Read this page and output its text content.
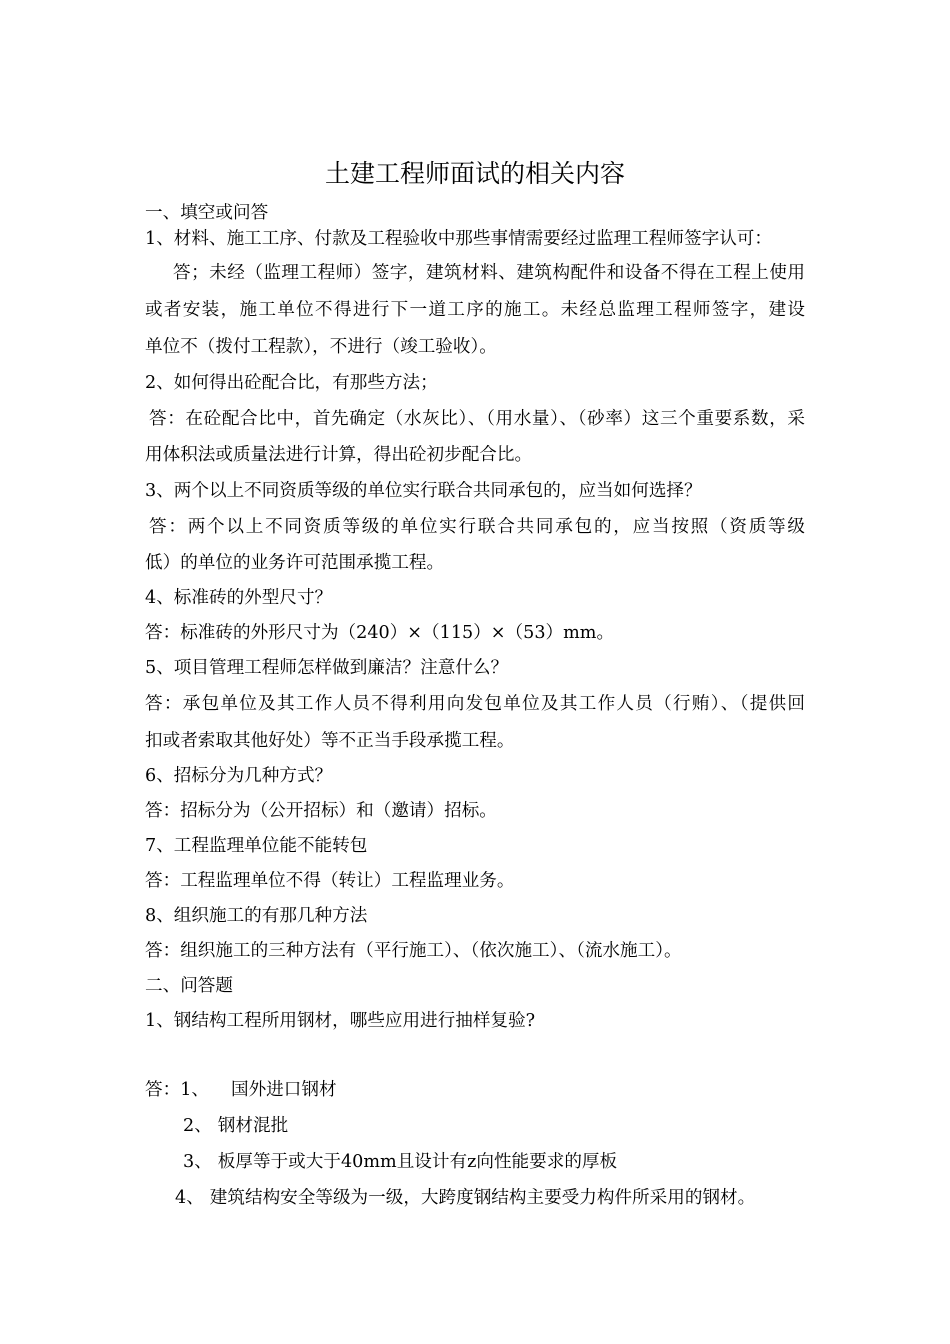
土建工程师面试的相关内容
一、填空或问答
1、材料、施工工序、付款及工程验收中那些事情需要经过监理工程师签字认可：
答；未经（监理工程师）签字，建筑材料、建筑构配件和设备不得在工程上使用
或者安装，施工单位不得进行下一道工序的施工。未经总监理工程师签字，建设
单位不（拨付工程款），不进行（竣工验收）。
2、如何得出砼配合比，有那些方法；
答：在砼配合比中，首先确定（水灰比）、（用水量）、（砂率）这三个重要系数，采
用体积法或质量法进行计算，得出砼初步配合比。
3、两个以上不同资质等级的单位实行联合共同承包的，应当如何选择？
答：两个以上不同资质等级的单位实行联合共同承包的，应当按照（资质等级
低）的单位的业务许可范围承揽工程。
4、标准砖的外型尺寸？
答：标准砖的外形尺寸为（240）×（115）×（53）mm。
5、项目管理工程师怎样做到廉洁？注意什么？
答：承包单位及其工作人员不得利用向发包单位及其工作人员（行贿）、（提供回
扣或者索取其他好处）等不正当手段承揽工程。
6、招标分为几种方式？
答：招标分为（公开招标）和（邀请）招标。
7、工程监理单位能不能转包
答：工程监理单位不得（转让）工程监理业务。
8、组织施工的有那几种方法
答：组织施工的三种方法有（平行施工）、（依次施工）、（流水施工）。
二、问答题
1、钢结构工程所用钢材，哪些应用进行抽样复验?
答：1、 国外进口钢材
2、 钢材混批
3、 板厚等于或大于40mm且设计有z向性能要求的厚板
4、 建筑结构安全等级为一级，大跨度钢结构主要受力构件所采用的钢材。
